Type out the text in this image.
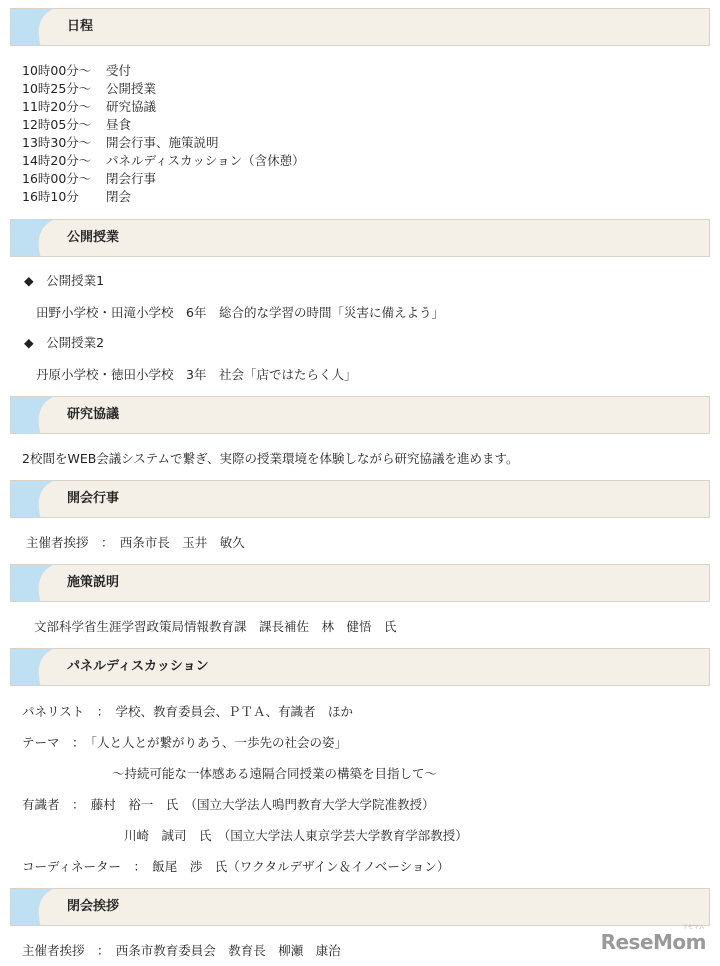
日程
10時00分～ 受付
10時25分～ 公開授業
11時20分～ 研究協議
12時05分～ 昼食
13時30分～ 開会行事、施策説明
14時20分～ パネルディスカッション（含休憩）
16時00分～ 閉会行事
16時10分 閉会
公開授業
◆　公開授業1
田野小学校・田滝小学校　6年　総合的な学習の時間「災害に備えよう」
◆　公開授業2
丹原小学校・徳田小学校　3年　社会「店ではたらく人」
研究協議
2校間をWEB会議システムで繋ぎ、実際の授業環境を体験しながら研究協議を進めます。
開会行事
主催者挨拶　：　西条市長　玉井　敏久
施策説明
文部科学省生涯学習政策局情報教育課　課長補佐　林　健悟　氏
パネルディスカッション
パネリスト　：　学校、教育委員会、ＰＴＡ、有識者　ほか
テーマ　：　「人と人とが繋がりあう、一歩先の社会の姿」
～持続可能な一体感ある遠隔合同授業の構築を目指して～
有識者　：　藤村　裕一　氏　（国立大学法人鳴門教育大学大学院准教授）
川崎　誠司　氏　（国立大学法人東京学芸大学教育学部教授）
コーディネーター　：　飯尾　渉　氏（ワクタルデザイン＆イノベーション）
閉会挨拶
主催者挨拶　：　西条市教育委員会　教育長　柳瀬　康治	ReseMom
リセマム
